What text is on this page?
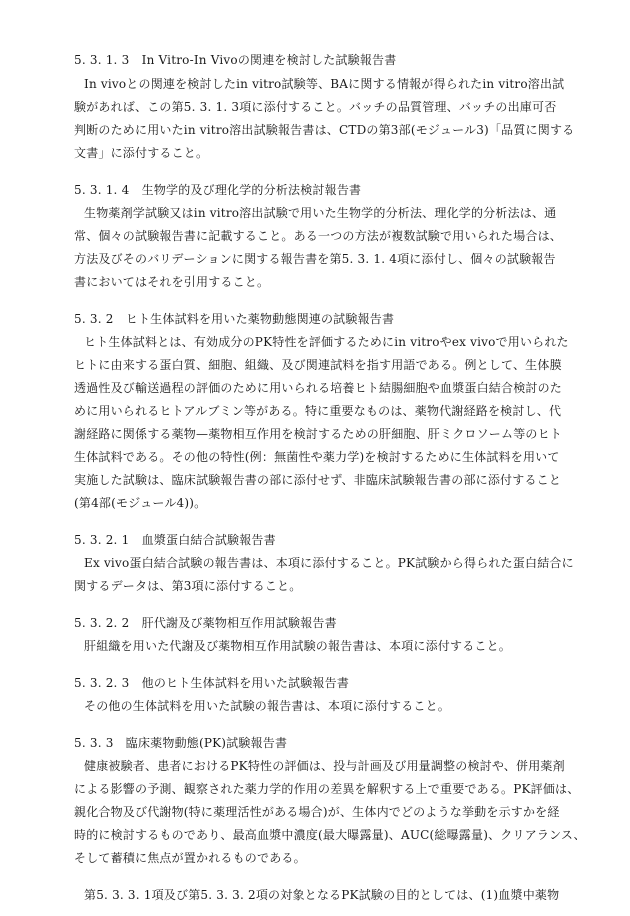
5. 3. 1. 3　In Vitro-In Vivoの関連を検討した試験報告書
In vivoとの関連を検討したin vitro試験等、BAに関する情報が得られたin vitro溶出試
験があれば、この第5. 3. 1. 3項に添付すること。バッチの品質管理、バッチの出庫可否
判断のために用いたin vitro溶出試験報告書は、CTDの第3部(モジュール3)「品質に関する
文書」に添付すること。
5. 3. 1. 4　生物学的及び理化学的分析法検討報告書
生物薬剤学試験又はin vitro溶出試験で用いた生物学的分析法、理化学的分析法は、通
常、個々の試験報告書に記載すること。ある一つの方法が複数試験で用いられた場合は、
方法及びそのバリデーションに関する報告書を第5. 3. 1. 4項に添付し、個々の試験報告
書においてはそれを引用すること。
5. 3. 2　ヒト生体試料を用いた薬物動態関連の試験報告書
ヒト生体試料とは、有効成分のPK特性を評価するためにin vitroやex vivoで用いられた
ヒトに由来する蛋白質、細胞、組織、及び関連試料を指す用語である。例として、生体膜
透過性及び輸送過程の評価のために用いられる培養ヒト結腸細胞や血漿蛋白結合検討のた
めに用いられるヒトアルブミン等がある。特に重要なものは、薬物代謝経路を検討し、代
謝経路に関係する薬物—薬物相互作用を検討するための肝細胞、肝ミクロソーム等のヒト
生体試料である。その他の特性(例：無菌性や薬力学)を検討するために生体試料を用いて
実施した試験は、臨床試験報告書の部に添付せず、非臨床試験報告書の部に添付すること
(第4部(モジュール4))。
5. 3. 2. 1　血漿蛋白結合試験報告書
Ex vivo蛋白結合試験の報告書は、本項に添付すること。PK試験から得られた蛋白結合に
関するデータは、第3項に添付すること。
5. 3. 2. 2　肝代謝及び薬物相互作用試験報告書
肝組織を用いた代謝及び薬物相互作用試験の報告書は、本項に添付すること。
5. 3. 2. 3　他のヒト生体試料を用いた試験報告書
その他の生体試料を用いた試験の報告書は、本項に添付すること。
5. 3. 3　臨床薬物動態(PK)試験報告書
健康被験者、患者におけるPK特性の評価は、投与計画及び用量調整の検討や、併用薬剤
による影響の予測、観察された薬力学的作用の差異を解釈する上で重要である。PK評価は、
親化合物及び代謝物(特に薬理活性がある場合)が、生体内でどのような挙動を示すかを経
時的に検討するものであり、最高血漿中濃度(最大曝露量)、AUC(総曝露量)、クリアランス、
そして蓄積に焦点が置かれるものである。
第5. 3. 3. 1項及び第5. 3. 3. 2項の対象となるPK試験の目的としては、(1)血漿中薬物
